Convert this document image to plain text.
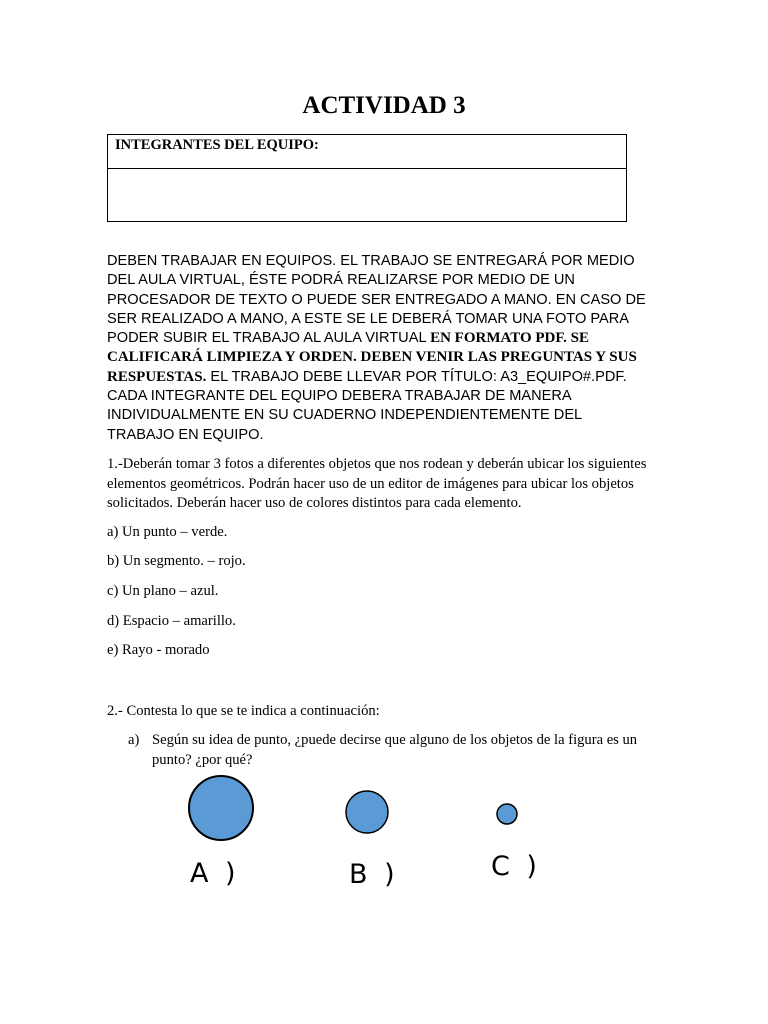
ACTIVIDAD 3
INTEGRANTES DEL EQUIPO:
DEBEN TRABAJAR EN EQUIPOS. EL TRABAJO SE ENTREGARÁ POR MEDIO DEL AULA VIRTUAL, ÉSTE PODRÁ REALIZARSE POR MEDIO DE UN PROCESADOR DE TEXTO O PUEDE SER ENTREGADO A MANO. EN CASO DE SER REALIZADO A MANO, A ESTE SE LE DEBERÁ TOMAR UNA FOTO PARA PODER SUBIR EL TRABAJO AL AULA VIRTUAL EN FORMATO PDF. SE CALIFICARÁ LIMPIEZA Y ORDEN. DEBEN VENIR LAS PREGUNTAS Y SUS RESPUESTAS. EL TRABAJO DEBE LLEVAR POR TÍTULO: A3_EQUIPO#.PDF. CADA INTEGRANTE DEL EQUIPO DEBERA TRABAJAR DE MANERA INDIVIDUALMENTE EN SU CUADERNO INDEPENDIENTEMENTE DEL TRABAJO EN EQUIPO.

1.-Deberán tomar 3 fotos a diferentes objetos que nos rodean y deberán ubicar los siguientes elementos geométricos. Podrán hacer uso de un editor de imágenes para ubicar los objetos solicitados. Deberán hacer uso de colores distintos para cada elemento.

a) Un punto – verde.

b) Un segmento. – rojo.

c) Un plano – azul.

d) Espacio – amarillo.

e) Rayo - morado

2.- Contesta lo que se te indica a continuación:

a) Según su idea de punto, ¿puede decirse que alguno de los objetos de la figura es un punto? ¿por qué?
A )	B )	C )
